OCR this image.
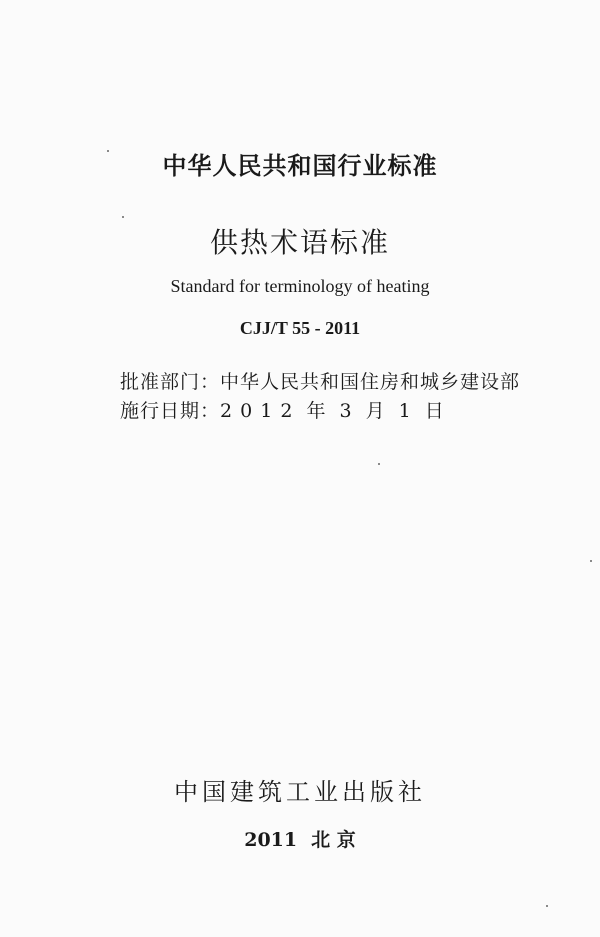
中华人民共和国行业标准
供热术语标准
Standard for terminology of heating
CJJ/T 55 - 2011
批准部门：中华人民共和国住房和城乡建设部
施行日期：2 0 1 2 年 3 月 1 日
中国建筑工业出版社
2011 北 京
